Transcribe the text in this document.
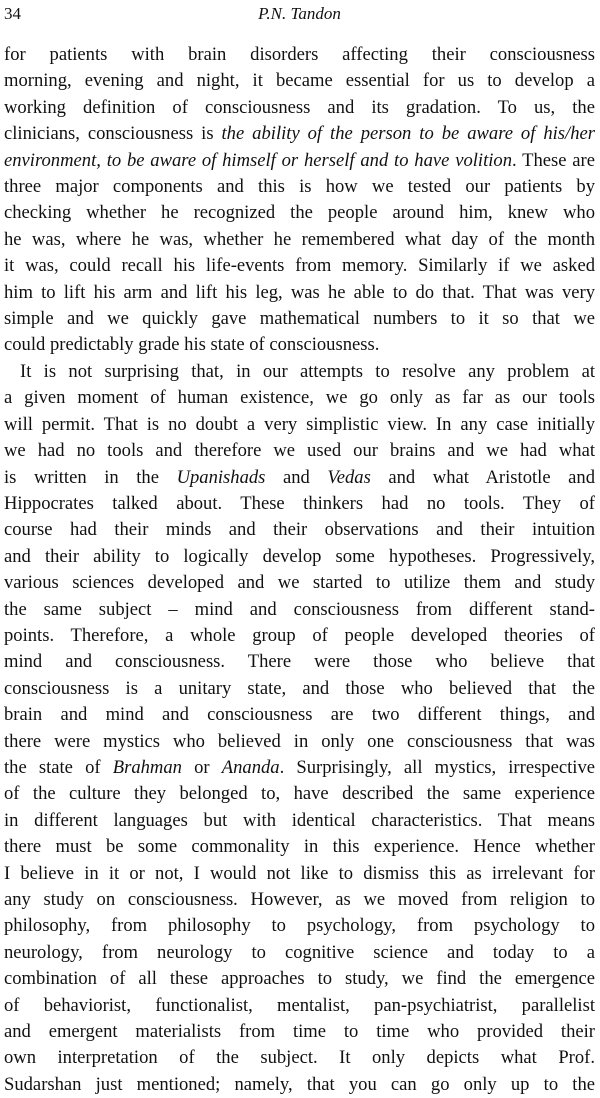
34	P.N. Tandon
for patients with brain disorders affecting their consciousness
morning, evening and night, it became essential for us to develop a
working definition of consciousness and its gradation. To us, the
clinicians, consciousness is the ability of the person to be aware of his/her
environment, to be aware of himself or herself and to have volition. These are
three major components and this is how we tested our patients by
checking whether he recognized the people around him, knew who
he was, where he was, whether he remembered what day of the month
it was, could recall his life-events from memory. Similarly if we asked
him to lift his arm and lift his leg, was he able to do that. That was very
simple and we quickly gave mathematical numbers to it so that we
could predictably grade his state of consciousness.
It is not surprising that, in our attempts to resolve any problem at
a given moment of human existence, we go only as far as our tools
will permit. That is no doubt a very simplistic view. In any case initially
we had no tools and therefore we used our brains and we had what
is written in the Upanishads and Vedas and what Aristotle and
Hippocrates talked about. These thinkers had no tools. They of
course had their minds and their observations and their intuition
and their ability to logically develop some hypotheses. Progressively,
various sciences developed and we started to utilize them and study
the same subject – mind and consciousness from different stand-
points. Therefore, a whole group of people developed theories of
mind and consciousness. There were those who believe that
consciousness is a unitary state, and those who believed that the
brain and mind and consciousness are two different things, and
there were mystics who believed in only one consciousness that was
the state of Brahman or Ananda. Surprisingly, all mystics, irrespective
of the culture they belonged to, have described the same experience
in different languages but with identical characteristics. That means
there must be some commonality in this experience. Hence whether
I believe in it or not, I would not like to dismiss this as irrelevant for
any study on consciousness. However, as we moved from religion to
philosophy, from philosophy to psychology, from psychology to
neurology, from neurology to cognitive science and today to a
combination of all these approaches to study, we find the emergence
of behaviorist, functionalist, mentalist, pan-psychiatrist, parallelist
and emergent materialists from time to time who provided their
own interpretation of the subject. It only depicts what Prof.
Sudarshan just mentioned; namely, that you can go only up to the
